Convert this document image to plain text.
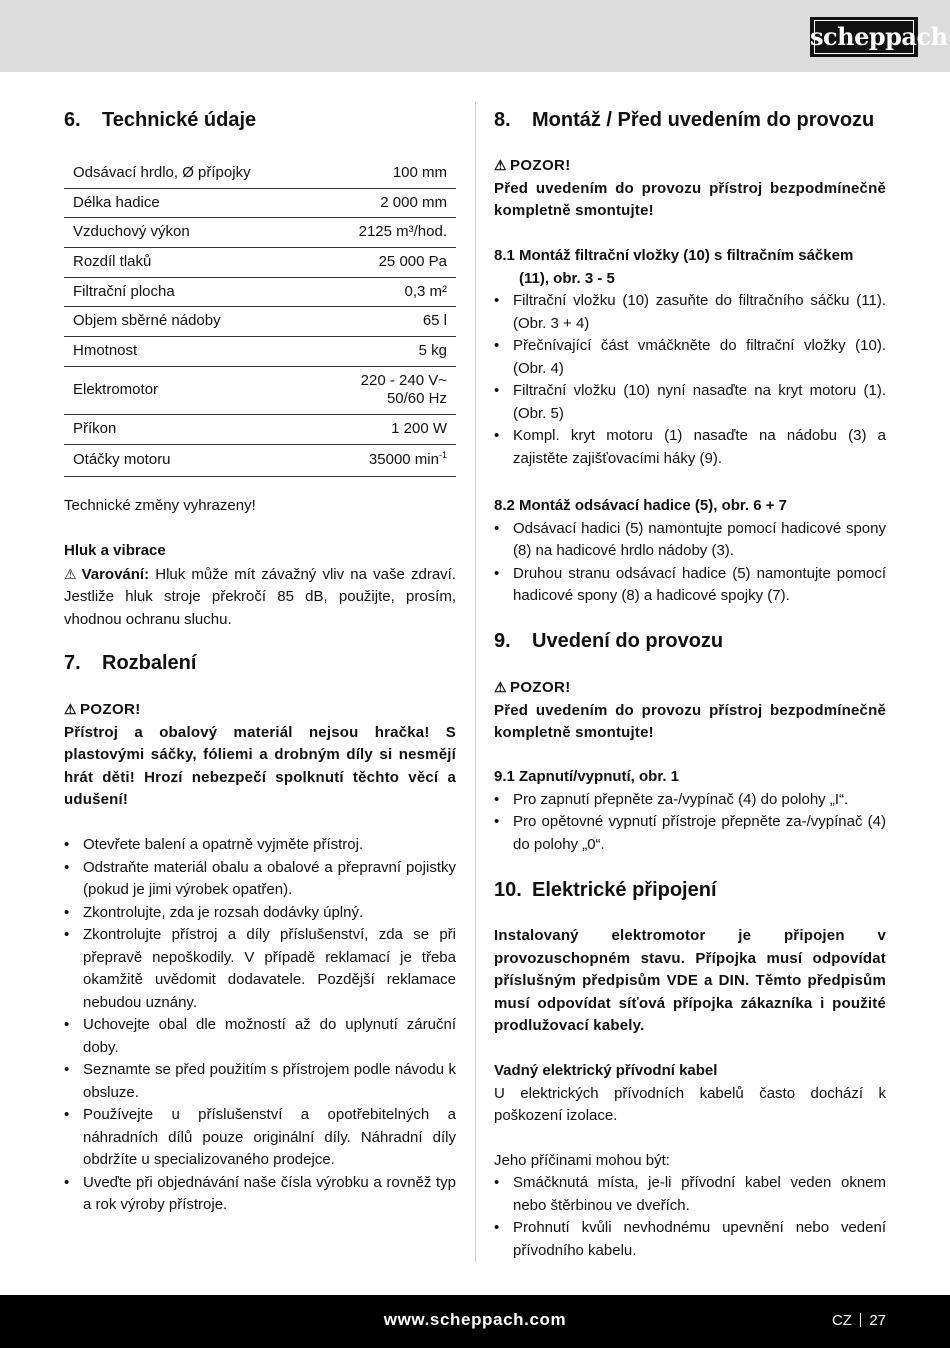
scheppach
6. Technické údaje
Odsávací hrdlo, Ø přípojky	100 mm
Délka hadice	2 000 mm
Vzduchový výkon	2125 m³/hod.
Rozdíl tlaků	25 000 Pa
Filtrační plocha	0,3 m²
Objem sběrné nádoby	65 l
Hmotnost	5 kg
Elektromotor	220 - 240 V~
50/60 Hz
Příkon	1 200 W
Otáčky motoru	35000 $\min^{-1}$
Technické změny vyhrazeny!
Hluk a vibrace
⚠ Varování: Hluk může mít závažný vliv na vaše zdraví. Jestliže hluk stroje překročí 85 dB, použijte, prosím, vhodnou ochranu sluchu.
7. Rozbalení
⚠ POZOR!
Přístroj a obalový materiál nejsou hračka! S plastovými sáčky, fóliemi a drobným díly si nesmějí hrát děti! Hrozí nebezpečí spolknutí těchto věcí a udušení!
• Otevřete balení a opatrně vyjměte přístroj.
• Odstraňte materiál obalu a obalové a přepravní pojistky (pokud je jimi výrobek opatřen).
• Zkontrolujte, zda je rozsah dodávky úplný.
• Zkontrolujte přístroj a díly příslušenství, zda se při přepravě nepoškodily. V případě reklamací je třeba okamžitě uvědomit dodavatele. Pozdější reklamace nebudou uznány.
• Uchovejte obal dle možností až do uplynutí záruční doby.
• Seznamte se před použitím s přístrojem podle návodu k obsluze.
• Používejte u příslušenství a opotřebitelných a náhradních dílů pouze originální díly. Náhradní díly obdržíte u specializovaného prodejce.
• Uveďte při objednávání naše čísla výrobku a rovněž typ a rok výroby přístroje.
8. Montáž / Před uvedením do provozu
⚠ POZOR!
Před uvedením do provozu přístroj bezpodmínečně kompletně smontujte!
8.1 Montáž filtrační vložky (10) s filtračním sáčkem
(11), obr. 3 - 5
• Filtrační vložku (10) zasuňte do filtračního sáčku (11). (Obr. 3 + 4)
• Přečnívající část vmáčkněte do filtrační vložky (10). (Obr. 4)
• Filtrační vložku (10) nyní nasaďte na kryt motoru (1). (Obr. 5)
• Kompl. kryt motoru (1) nasaďte na nádobu (3) a zajistěte zajišťovacími háky (9).
8.2 Montáž odsávací hadice (5), obr. 6 + 7
• Odsávací hadici (5) namontujte pomocí hadicové spony (8) na hadicové hrdlo nádoby (3).
• Druhou stranu odsávací hadice (5) namontujte pomocí hadicové spony (8) a hadicové spojky (7).
9. Uvedení do provozu
⚠ POZOR!
Před uvedením do provozu přístroj bezpodmínečně kompletně smontujte!
9.1 Zapnutí/vypnutí, obr. 1
• Pro zapnutí přepněte za-/vypínač (4) do polohy „I“.
• Pro opětovné vypnutí přístroje přepněte za-/vypínač (4) do polohy „0“.
10. Elektrické připojení
Instalovaný elektromotor je připojen v provozuschopném stavu. Přípojka musí odpovídat příslušným předpisům VDE a DIN. Těmto předpisům musí odpovídat síťová přípojka zákazníka i použité prodlužovací kabely.
Vadný elektrický přívodní kabel
U elektrických přívodních kabelů často dochází k poškození izolace.
Jeho příčinami mohou být:
• Smáčknutá místa, je-li přívodní kabel veden oknem nebo štěrbinou ve dveřích.
• Prohnutí kvůli nevhodnému upevnění nebo vedení přívodního kabelu.
www.scheppach.com	CZ 27
